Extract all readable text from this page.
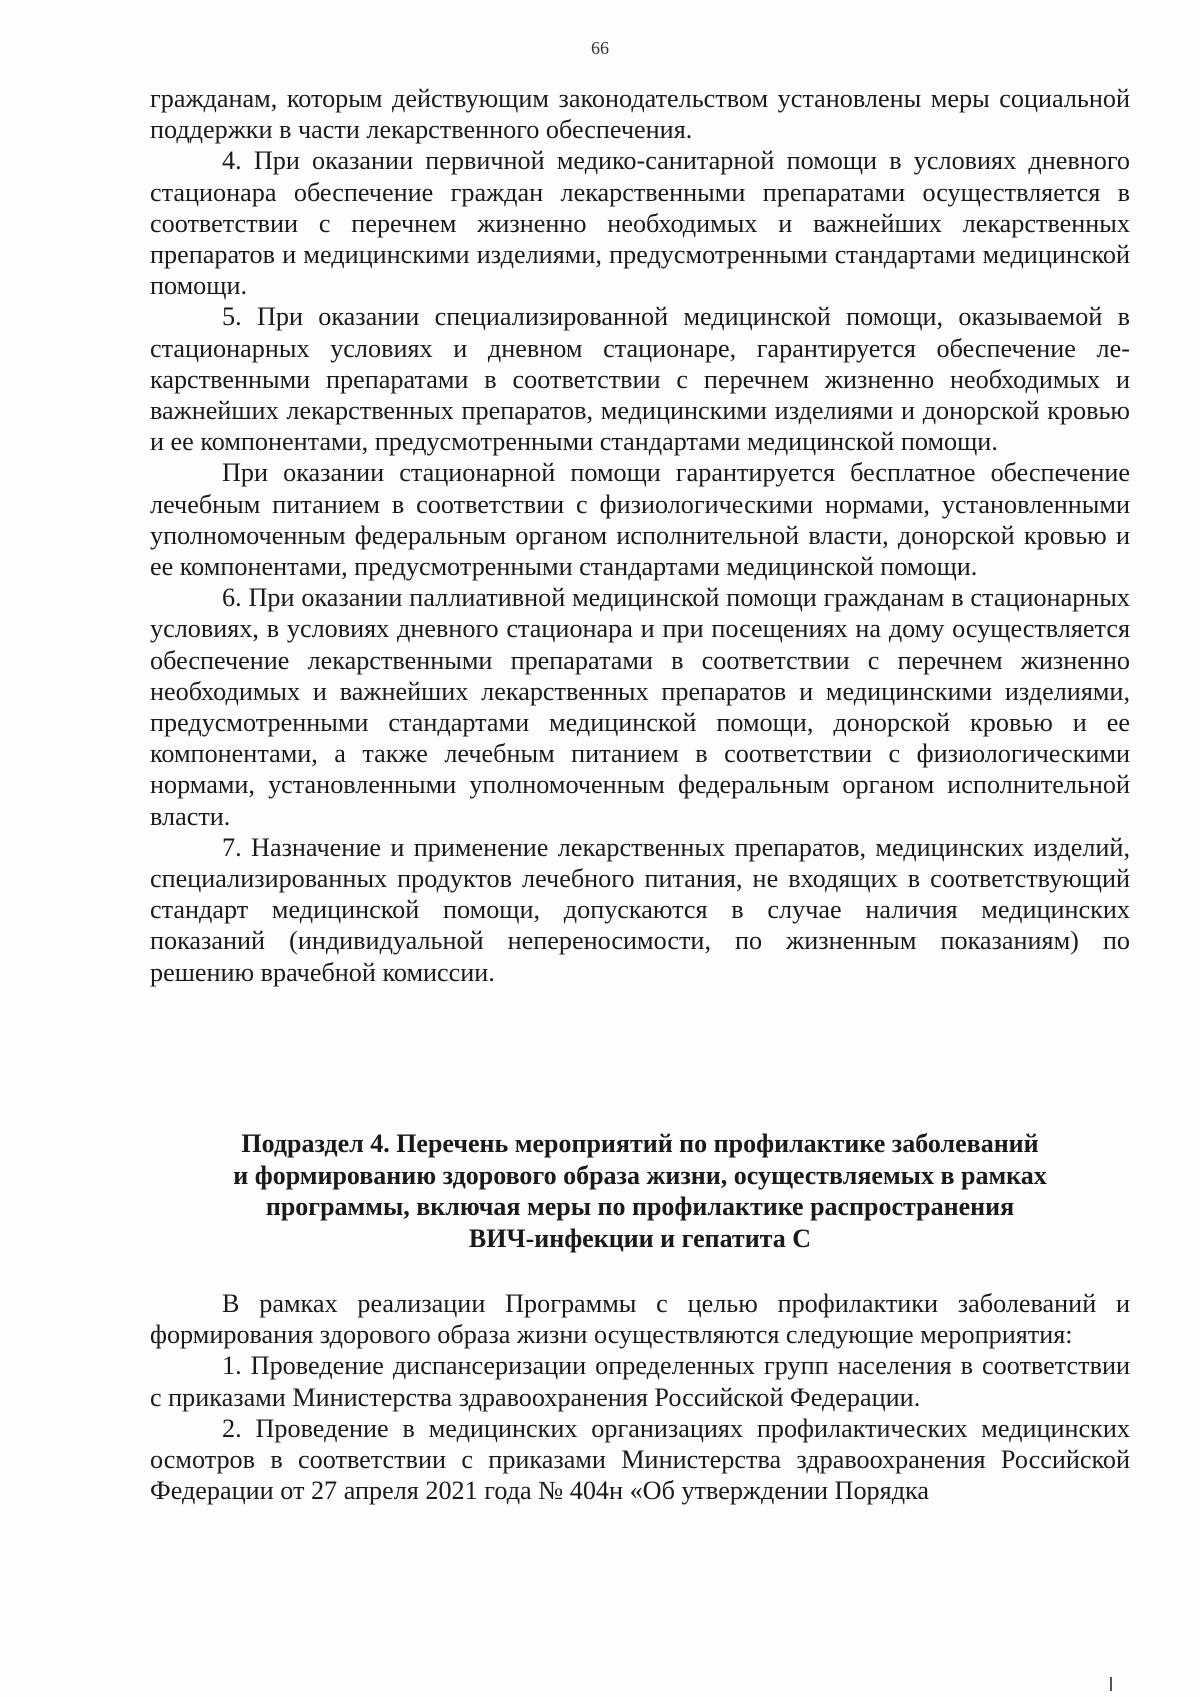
66

гражданам, которым действующим законодательством установлены меры социальной поддержки в части лекарственного обеспечения.

4. При оказании первичной медико-санитарной помощи в условиях дневного стационара обеспечение граждан лекарственными препаратами осуществляется в соответствии с перечнем жизненно необходимых и важнейших лекарственных препаратов и медицинскими изделиями, предусмотренными стандартами медицинской помощи.

5. При оказании специализированной медицинской помощи, оказываемой в стационарных условиях и дневном стационаре, гарантируется обеспечение лекарственными препаратами в соответствии с перечнем жизненно необходимых и важнейших лекарственных препаратов, медицинскими изделиями и донорской кровью и ее компонентами, предусмотренными стандартами медицинской помощи.

При оказании стационарной помощи гарантируется бесплатное обеспечение лечебным питанием в соответствии с физиологическими нормами, установленными уполномоченным федеральным органом исполнительной власти, донорской кровью и ее компонентами, предусмотренными стандартами медицинской помощи.

6. При оказании паллиативной медицинской помощи гражданам в стационарных условиях, в условиях дневного стационара и при посещениях на дому осуществляется обеспечение лекарственными препаратами в соответствии с перечнем жизненно необходимых и важнейших лекарственных препаратов и медицинскими изделиями, предусмотренными стандартами медицинской помощи, донорской кровью и ее компонентами, а также лечебным питанием в соответствии с физиологическими нормами, установленными уполномоченным федеральным органом исполнительной власти.

7. Назначение и применение лекарственных препаратов, медицинских изделий, специализированных продуктов лечебного питания, не входящих в соответствующий стандарт медицинской помощи, допускаются в случае наличия медицинских показаний (индивидуальной непереносимости, по жизненным показаниям) по решению врачебной комиссии.

Подраздел 4. Перечень мероприятий по профилактике заболеваний
и формированию здорового образа жизни, осуществляемых в рамках
программы, включая меры по профилактике распространения
ВИЧ-инфекции и гепатита С

В рамках реализации Программы с целью профилактики заболеваний и формирования здорового образа жизни осуществляются следующие мероприятия:

1. Проведение диспансеризации определенных групп населения в соответствии с приказами Министерства здравоохранения Российской Федерации.

2. Проведение в медицинских организациях профилактических медицинских осмотров в соответствии с приказами Министерства здравоохранения Российской Федерации от 27 апреля 2021 года № 404н «Об утверждении Порядка
